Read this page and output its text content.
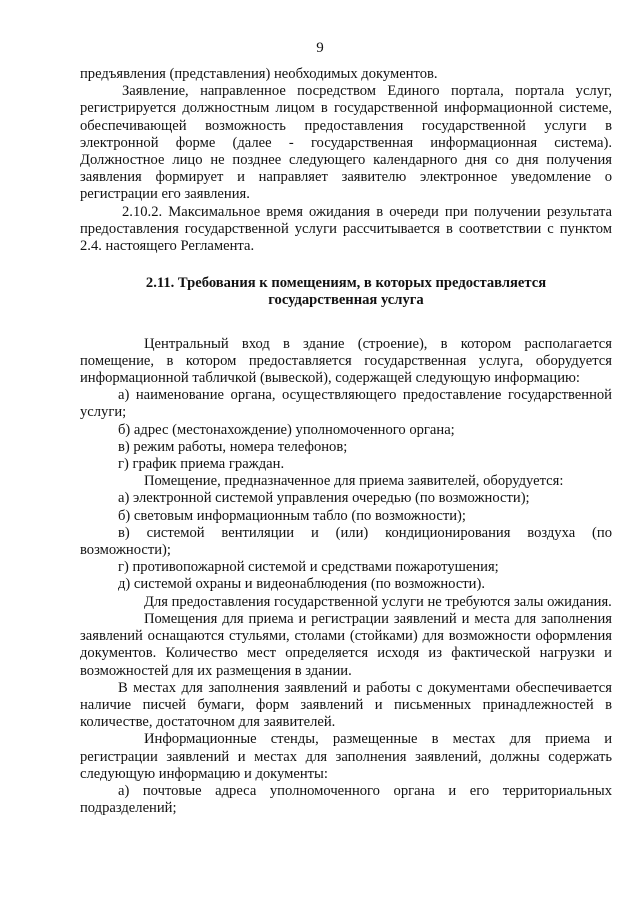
9

предъявления (представления) необходимых документов.

Заявление, направленное посредством Единого портала, портала услуг, регистрируется должностным лицом в государственной информационной системе, обеспечивающей возможность предоставления государственной услуги в электронной форме (далее - государственная информационная система). Должностное лицо не позднее следующего календарного дня со дня получения заявления формирует и направляет заявителю электронное уведомление о регистрации его заявления.

2.10.2. Максимальное время ожидания в очереди при получении результата предоставления государственной услуги рассчитывается в соответствии с пунктом 2.4. настоящего Регламента.

2.11. Требования к помещениям, в которых предоставляется государственная услуга

Центральный вход в здание (строение), в котором располагается помещение, в котором предоставляется государственная услуга, оборудуется информационной табличкой (вывеской), содержащей следующую информацию:

а) наименование органа, осуществляющего предоставление государственной услуги;

б) адрес (местонахождение) уполномоченного органа;

в) режим работы, номера телефонов;

г) график приема граждан.

Помещение, предназначенное для приема заявителей, оборудуется:

а) электронной системой управления очередью (по возможности);

б) световым информационным табло (по возможности);

в) системой вентиляции и (или) кондиционирования воздуха (по возможности);

г) противопожарной системой и средствами пожаротушения;

д) системой охраны и видеонаблюдения (по возможности).

Для предоставления государственной услуги не требуются залы ожидания.

Помещения для приема и регистрации заявлений и места для заполнения заявлений оснащаются стульями, столами (стойками) для возможности оформления документов. Количество мест определяется исходя из фактической нагрузки и возможностей для их размещения в здании.

В местах для заполнения заявлений и работы с документами обеспечивается наличие писчей бумаги, форм заявлений и письменных принадлежностей в количестве, достаточном для заявителей.

Информационные стенды, размещенные в местах для приема и регистрации заявлений и местах для заполнения заявлений, должны содержать следующую информацию и документы:

а) почтовые адреса уполномоченного органа и его территориальных подразделений;
